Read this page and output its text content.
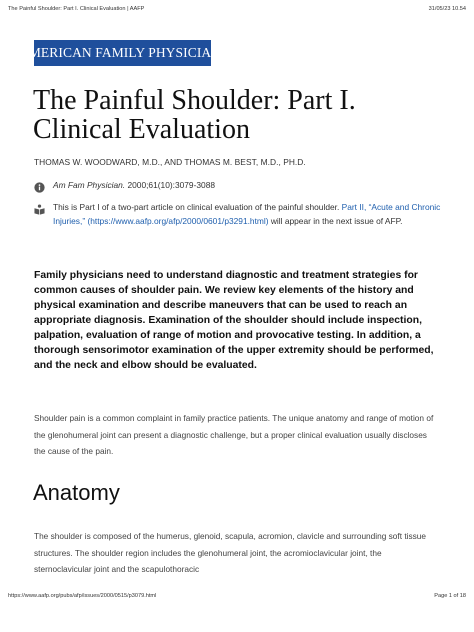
The Painful Shoulder: Part I. Clinical Evaluation | AAFP	31/05/23 10.54
AMERICAN FAMILY PHYSICIAN ®
The Painful Shoulder: Part I. Clinical Evaluation
THOMAS W. WOODWARD, M.D., AND THOMAS M. BEST, M.D., PH.D.
Am Fam Physician. 2000;61(10):3079-3088
This is Part I of a two-part article on clinical evaluation of the painful shoulder. Part II, “Acute and Chronic Injuries,” (https://www.aafp.org/afp/2000/0601/p3291.html) will appear in the next issue of AFP.

Family physicians need to understand diagnostic and treatment strategies for common causes of shoulder pain. We review key elements of the history and physical examination and describe maneuvers that can be used to reach an appropriate diagnosis. Examination of the shoulder should include inspection, palpation, evaluation of range of motion and provocative testing. In addition, a thorough sensorimotor examination of the upper extremity should be performed, and the neck and elbow should be evaluated.

Shoulder pain is a common complaint in family practice patients. The unique anatomy and range of motion of the glenohumeral joint can present a diagnostic challenge, but a proper clinical evaluation usually discloses the cause of the pain.

Anatomy

The shoulder is composed of the humerus, glenoid, scapula, acromion, clavicle and surrounding soft tissue structures. The shoulder region includes the glenohumeral joint, the acromioclavicular joint, the sternoclavicular joint and the scapulothoracic

https://www.aafp.org/pubs/afp/issues/2000/0515/p3079.html	Page 1 of 18
